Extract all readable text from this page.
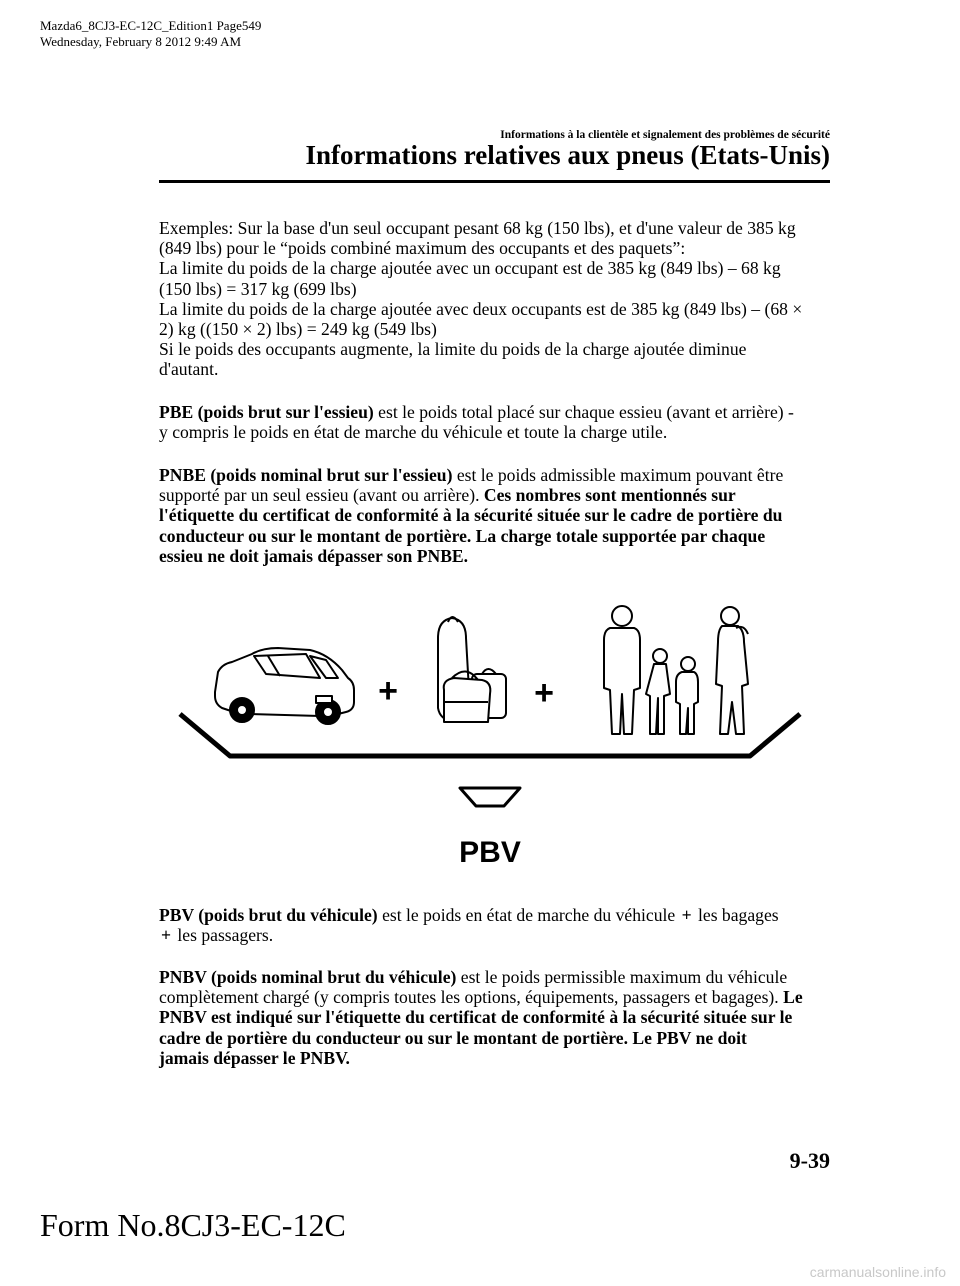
Mazda6_8CJ3-EC-12C_Edition1 Page549
Wednesday, February 8 2012 9:49 AM
Informations à la clientèle et signalement des problèmes de sécurité
Informations relatives aux pneus (Etats-Unis)

Exemples: Sur la base d'un seul occupant pesant 68 kg (150 lbs), et d'une valeur de 385 kg

(849 lbs) pour le “poids combiné maximum des occupants et des paquets”:

La limite du poids de la charge ajoutée avec un occupant est de 385 kg (849 lbs) – 68 kg

(150 lbs) = 317 kg (699 lbs)

La limite du poids de la charge ajoutée avec deux occupants est de 385 kg (849 lbs) – (68 ×

2) kg ((150 × 2) lbs) = 249 kg (549 lbs)

Si le poids des occupants augmente, la limite du poids de la charge ajoutée diminue

d'autant.

PBE (poids brut sur l'essieu) est le poids total placé sur chaque essieu (avant et arrière) -

y compris le poids en état de marche du véhicule et toute la charge utile.

PNBE (poids nominal brut sur l'essieu) est le poids admissible maximum pouvant être

supporté par un seul essieu (avant ou arrière). Ces nombres sont mentionnés sur

l'étiquette du certificat de conformité à la sécurité située sur le cadre de portière du

conducteur ou sur le montant de portière. La charge totale supportée par chaque

essieu ne doit jamais dépasser son PNBE.

+	+
PBV

PBV (poids brut du véhicule) est le poids en état de marche du véhicule + les bagages

+ les passagers.

PNBV (poids nominal brut du véhicule) est le poids permissible maximum du véhicule

complètement chargé (y compris toutes les options, équipements, passagers et bagages). Le

PNBV est indiqué sur l'étiquette du certificat de conformité à la sécurité située sur le

cadre de portière du conducteur ou sur le montant de portière. Le PBV ne doit

jamais dépasser le PNBV.

9-39
Form No.8CJ3-EC-12C
carmanualsonline.info
